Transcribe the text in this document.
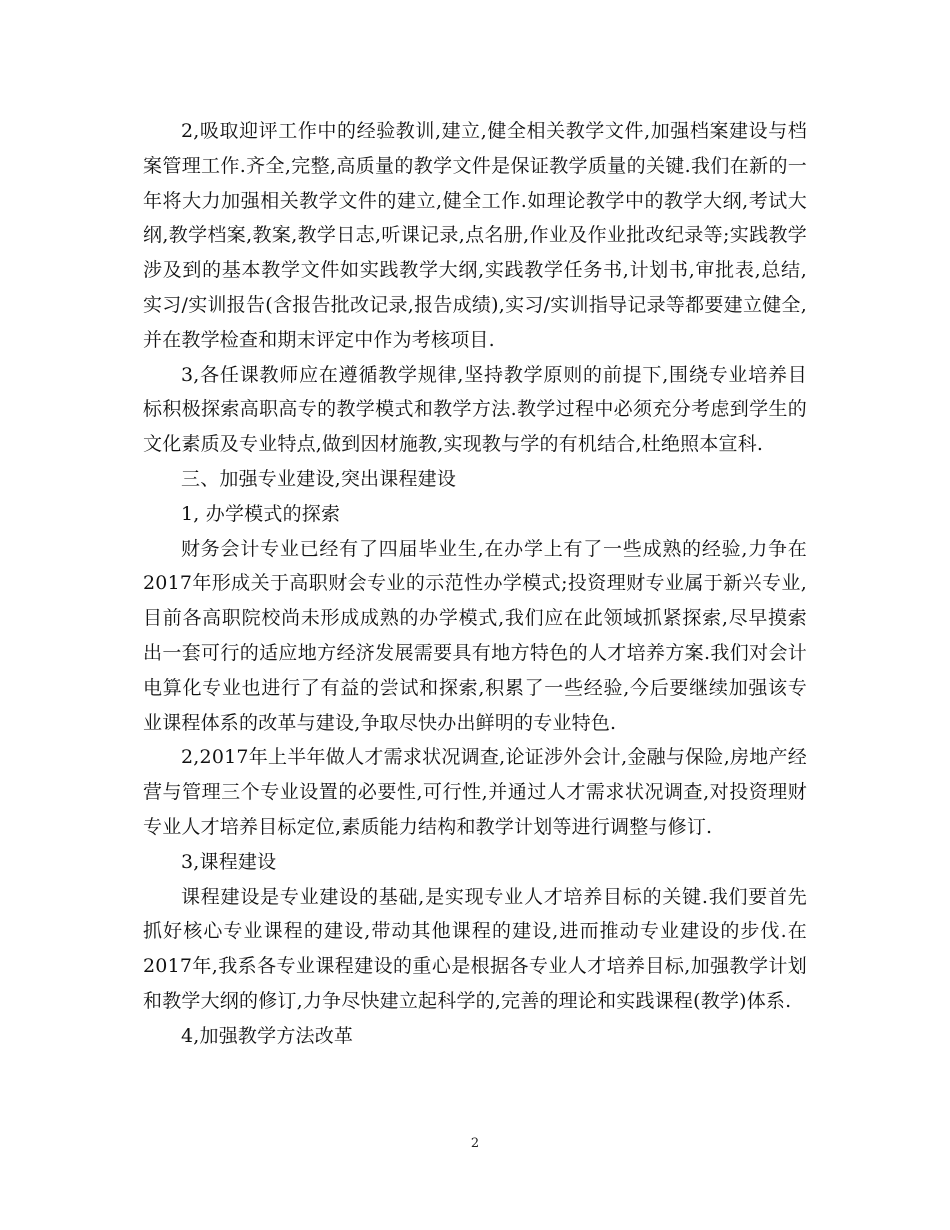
2,吸取迎评工作中的经验教训,建立,健全相关教学文件,加强档案建设与档案管理工作.齐全,完整,高质量的教学文件是保证教学质量的关键.我们在新的一年将大力加强相关教学文件的建立,健全工作.如理论教学中的教学大纲,考试大纲,教学档案,教案,教学日志,听课记录,点名册,作业及作业批改纪录等;实践教学涉及到的基本教学文件如实践教学大纲,实践教学任务书,计划书,审批表,总结,实习/实训报告(含报告批改记录,报告成绩),实习/实训指导记录等都要建立健全,并在教学检查和期末评定中作为考核项目.

3,各任课教师应在遵循教学规律,坚持教学原则的前提下,围绕专业培养目标积极探索高职高专的教学模式和教学方法.教学过程中必须充分考虑到学生的文化素质及专业特点,做到因材施教,实现教与学的有机结合,杜绝照本宣科.

三、加强专业建设,突出课程建设

1, 办学模式的探索

财务会计专业已经有了四届毕业生,在办学上有了一些成熟的经验,力争在2017年形成关于高职财会专业的示范性办学模式;投资理财专业属于新兴专业,目前各高职院校尚未形成成熟的办学模式,我们应在此领域抓紧探索,尽早摸索出一套可行的适应地方经济发展需要具有地方特色的人才培养方案.我们对会计电算化专业也进行了有益的尝试和探索,积累了一些经验,今后要继续加强该专业课程体系的改革与建设,争取尽快办出鲜明的专业特色.

2,2017年上半年做人才需求状况调查,论证涉外会计,金融与保险,房地产经营与管理三个专业设置的必要性,可行性,并通过人才需求状况调查,对投资理财专业人才培养目标定位,素质能力结构和教学计划等进行调整与修订.

3,课程建设

课程建设是专业建设的基础,是实现专业人才培养目标的关键.我们要首先抓好核心专业课程的建设,带动其他课程的建设,进而推动专业建设的步伐.在2017年,我系各专业课程建设的重心是根据各专业人才培养目标,加强教学计划和教学大纲的修订,力争尽快建立起科学的,完善的理论和实践课程(教学)体系.

4,加强教学方法改革

2
